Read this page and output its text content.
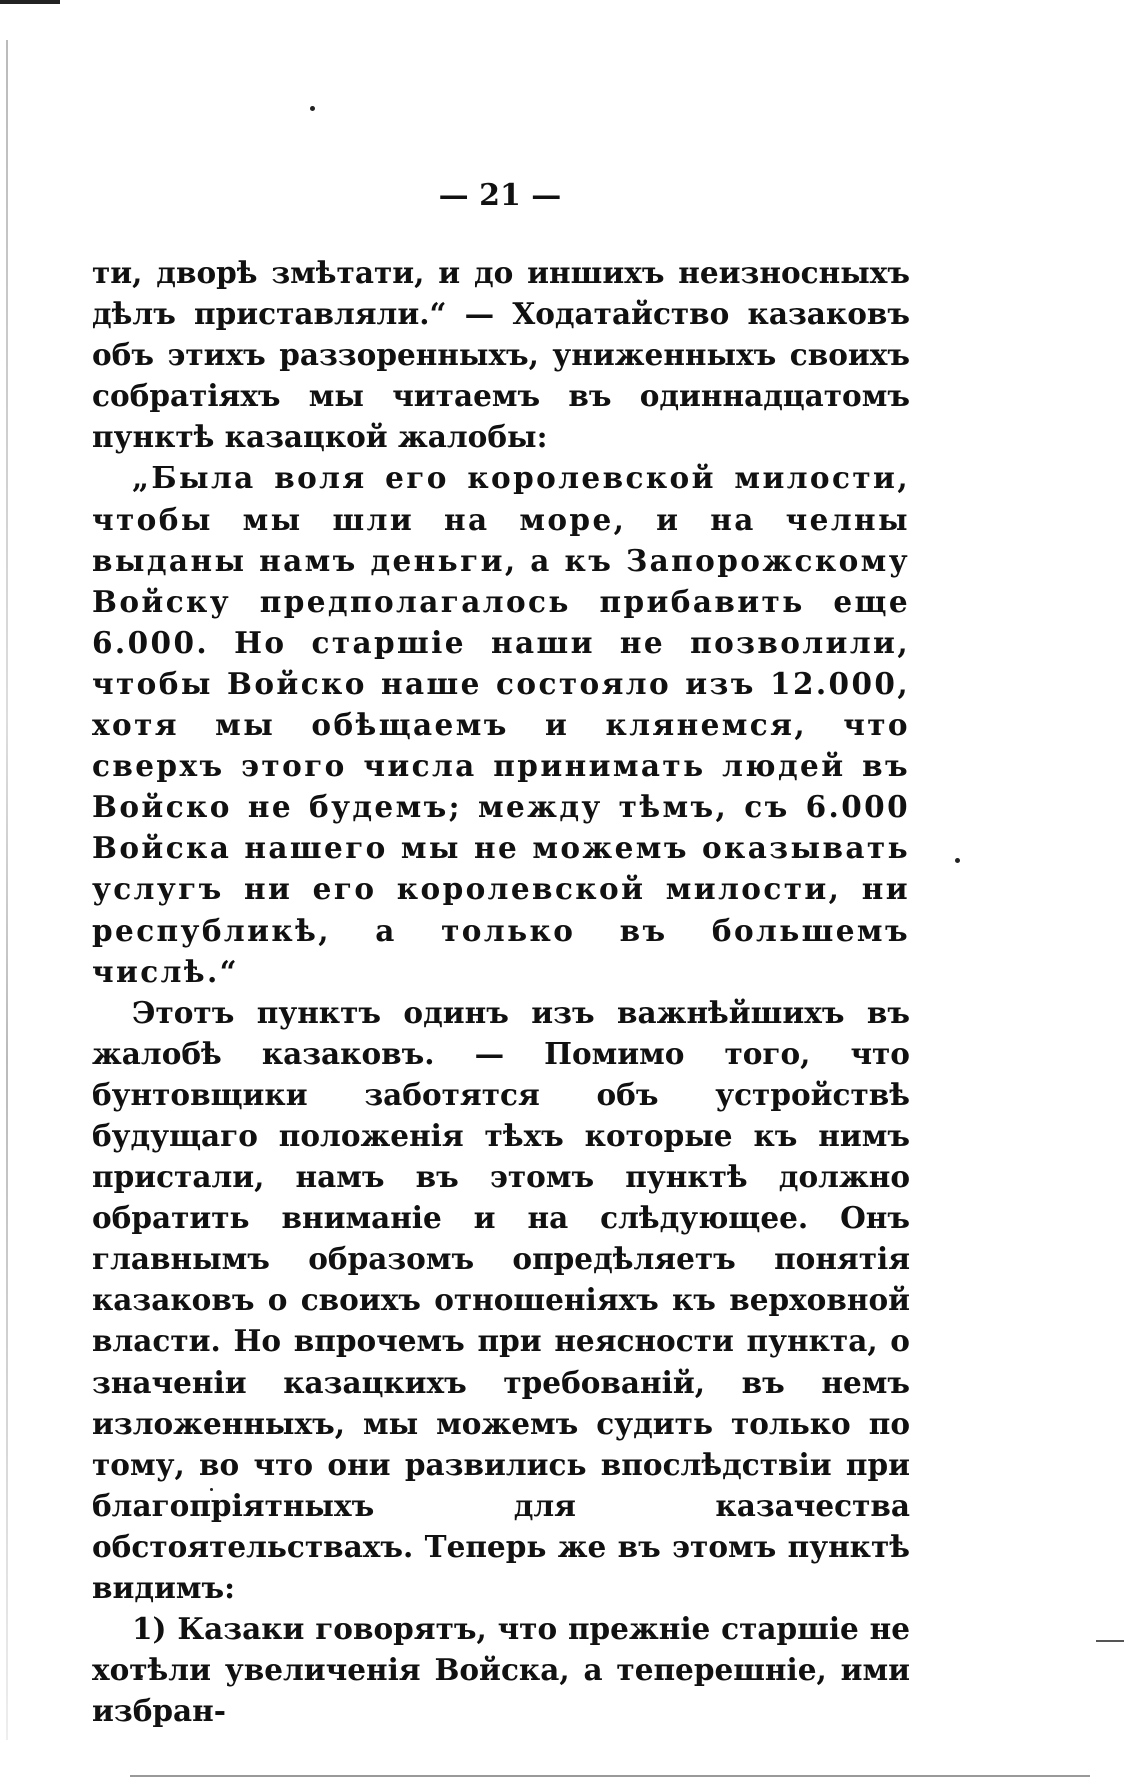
— 21 —

ти, дворѣ змѣтати, и до иншихъ неизносныхъ дѣлъ приставляли.“ — Ходатайство казаковъ объ этихъ раззоренныхъ, униженныхъ своихъ собратіяхъ мы читаемъ въ одиннадцатомъ пунктѣ казацкой жалобы:

„Была воля его королевской милости, чтобы мы шли на море, и на челны выданы намъ деньги, а къ Запорожскому Войску предполагалось прибавить еще 6.000. Но старшіе наши не позволили, чтобы Войско наше состояло изъ 12.000, хотя мы обѣщаемъ и клянемся, что сверхъ этого числа принимать людей въ Войско не будемъ; между тѣмъ, съ 6.000 Войска нашего мы не можемъ оказывать услугъ ни его королевской милости, ни республикѣ, а только въ большемъ числѣ.“

Этотъ пунктъ одинъ изъ важнѣйшихъ въ жалобѣ казаковъ. — Помимо того, что бунтовщики заботятся объ устройствѣ будущаго положенія тѣхъ которые къ нимъ пристали, намъ въ этомъ пунктѣ должно обратить вниманіе и на слѣдующее. Онъ главнымъ образомъ опредѣляетъ понятія казаковъ о своихъ отношеніяхъ къ верховной власти. Но впрочемъ при неясности пункта, о значеніи казацкихъ требованій, въ немъ изложенныхъ, мы можемъ судить только по тому, во что они развились впослѣдствіи при благопріятныхъ для казачества обстоятельствахъ. Теперь же въ этомъ пунктѣ видимъ:

1) Казаки говорятъ, что прежніе старшіе не хотѣли увеличенія Войска, а теперешніе, ими избран-
